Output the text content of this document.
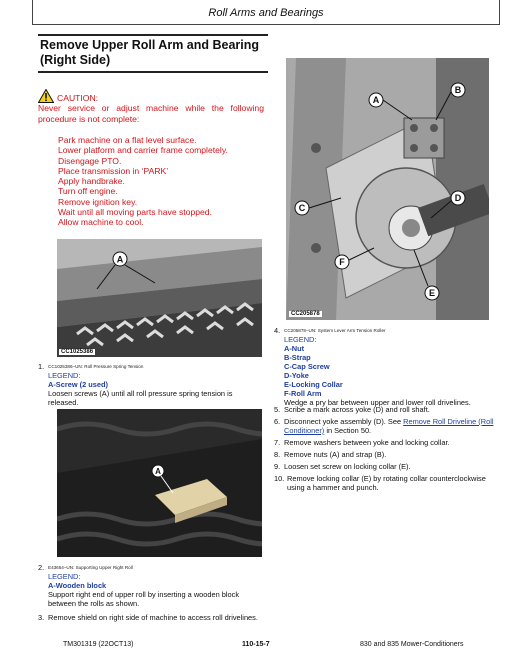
Roll Arms and Bearings
Remove Upper Roll Arm and Bearing (Right Side)
CAUTION:

Never service or adjust machine while the following procedure is not complete:

Park machine on a flat level surface.
Lower platform and carrier frame completely.
Disengage PTO.
Place transmission in ‘PARK’
Apply handbrake.
Turn off engine.
Remove ignition key.
Wait until all moving parts have stopped.
Allow machine to cool.
A
CC1025386
1. CC1025386–UN: Roll Pressure Spring Tension
LEGEND:
A-Screw (2 used)
Loosen screws (A) until all roll pressure spring tension is released.
A
2. E43654–UN: Supporting Upper Right Roll
LEGEND:
A-Wooden block
Support right end of upper roll by inserting a wooden block between the rolls as shown.
3. Remove shield on right side of machine to access roll drivelines.
A
B
C
D
E
F
CC205878
4. CC205878–UN: System Lever Arm Tension Roller
LEGEND:
A-Nut
B-Strap
C-Cap Screw
D-Yoke
E-Locking Collar
F-Roll Arm
Wedge a pry bar between upper and lower roll drivelines.
5. Scribe a mark across yoke (D) and roll shaft.
6. Disconnect yoke assembly (D). See Remove Roll Driveline (Roll Conditioner) in Section 50.
7. Remove washers between yoke and locking collar.
8. Remove nuts (A) and strap (B).
9. Loosen set screw on locking collar (E).
10. Remove locking collar (E) by rotating collar counterclockwise using a hammer and punch.
TM301319 (22OCT13)	110-15-7	830 and 835 Mower-Conditioners
